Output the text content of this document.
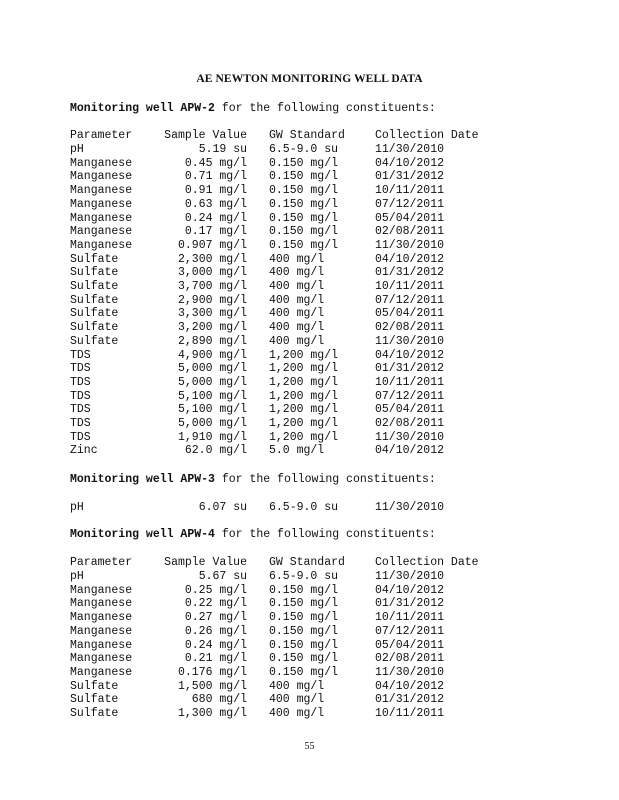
AE NEWTON MONITORING WELL DATA
Monitoring well APW-2 for the following constituents:
Parameter	Sample Value GW Standard	Collection Date
pH	5.19 su 6.5-9.0 su	11/30/2010
Manganese	0.45 mg/l 0.150 mg/l	04/10/2012
Manganese	0.71 mg/l 0.150 mg/l	01/31/2012
Manganese	0.91 mg/l 0.150 mg/l	10/11/2011
Manganese	0.63 mg/l 0.150 mg/l	07/12/2011
Manganese	0.24 mg/l 0.150 mg/l	05/04/2011
Manganese	0.17 mg/l 0.150 mg/l	02/08/2011
Manganese	0.907 mg/l 0.150 mg/l	11/30/2010
Sulfate	2,300 mg/l 400 mg/l	04/10/2012
Sulfate	3,000 mg/l 400 mg/l	01/31/2012
Sulfate	3,700 mg/l 400 mg/l	10/11/2011
Sulfate	2,900 mg/l 400 mg/l	07/12/2011
Sulfate	3,300 mg/l 400 mg/l	05/04/2011
Sulfate	3,200 mg/l 400 mg/l	02/08/2011
Sulfate	2,890 mg/l 400 mg/l	11/30/2010
TDS	4,900 mg/l 1,200 mg/l	04/10/2012
TDS	5,000 mg/l 1,200 mg/l	01/31/2012
TDS	5,000 mg/l 1,200 mg/l	10/11/2011
TDS	5,100 mg/l 1,200 mg/l	07/12/2011
TDS	5,100 mg/l 1,200 mg/l	05/04/2011
TDS	5,000 mg/l 1,200 mg/l	02/08/2011
TDS	1,910 mg/l 1,200 mg/l	11/30/2010
Zinc	62.0 mg/l 5.0 mg/l	04/10/2012
Monitoring well APW-3 for the following constituents:
pH	6.07 su 6.5-9.0 su	11/30/2010
Monitoring well APW-4 for the following constituents:
Parameter	Sample Value GW Standard	Collection Date
pH	5.67 su 6.5-9.0 su	11/30/2010
Manganese	0.25 mg/l 0.150 mg/l	04/10/2012
Manganese	0.22 mg/l 0.150 mg/l	01/31/2012
Manganese	0.27 mg/l 0.150 mg/l	10/11/2011
Manganese	0.26 mg/l 0.150 mg/l	07/12/2011
Manganese	0.24 mg/l 0.150 mg/l	05/04/2011
Manganese	0.21 mg/l 0.150 mg/l	02/08/2011
Manganese	0.176 mg/l 0.150 mg/l	11/30/2010
Sulfate	1,500 mg/l 400 mg/l	04/10/2012
Sulfate	680 mg/l 400 mg/l	01/31/2012
Sulfate	1,300 mg/l 400 mg/l	10/11/2011
55
